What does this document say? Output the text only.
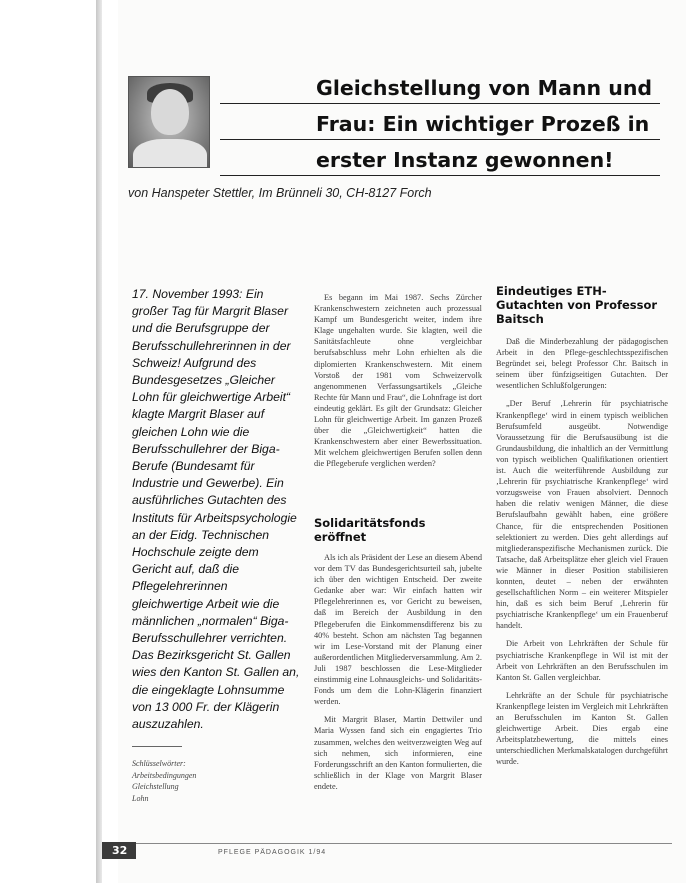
Gleichstellung von Mann und
Frau: Ein wichtiger Prozeß in
erster Instanz gewonnen!
von Hanspeter Stettler, Im Brünneli 30, CH-8127 Forch
17. November 1993: Ein großer Tag für Margrit Blaser und die Berufsgruppe der Berufsschullehrerinnen in der Schweiz! Aufgrund des Bundesgesetzes „Gleicher Lohn für gleichwertige Arbeit“ klagte Margrit Blaser auf gleichen Lohn wie die Berufsschullehrer der Biga-Berufe (Bundesamt für Industrie und Gewerbe). Ein ausführliches Gutachten des Instituts für Arbeitspsychologie an der Eidg. Technischen Hochschule zeigte dem Gericht auf, daß die Pflegelehrerinnen gleichwertige Arbeit wie die männlichen „normalen“ Biga-Berufsschullehrer verrichten. Das Bezirksgericht St. Gallen wies den Kanton St. Gallen an, die eingeklagte Lohnsumme von 13 000 Fr. der Klägerin auszuzahlen.

Es begann im Mai 1987. Sechs Zürcher Krankenschwestern zeichneten auch prozessual Kampf um Bundesgericht weiter, indem ihre Klage ungehalten wurde. Sie klagten, weil die Sanitätsfachleute ohne vergleichbar berufsabschluss mehr Lohn erhielten als die diplomierten Krankenschwestern. Mit einem Vorstoß der 1981 vom Schweizervolk angenommenen Verfassungsartikels „Gleiche Rechte für Mann und Frau“, die Lohnfrage ist dort eindeutig geklärt. Es gilt der Grundsatz: Gleicher Lohn für gleichwertige Arbeit. Im ganzen Prozeß über die „Gleichwertigkeit“ hatten die Krankenschwestern aber einer Bewerbssituation. Mit welchem gleichwertigen Berufen sollen denn die Pflegeberufe verglichen werden?

Solidaritätsfonds eröffnet

Als ich als Präsident der Lese an diesem Abend vor dem TV das Bundesgerichtsurteil sah, jubelte ich über den wichtigen Entscheid. Der zweite Gedanke aber war: Wir einfach hatten wir Pflegelehrerinnen es, vor Gericht zu beweisen, daß im Bereich der Ausbildung in den Pflegeberufen die Einkommensdifferenz bis zu 40% besteht. Schon am nächsten Tag begannen wir im Lese-Vorstand mit der Planung einer außerordentlichen Mitgliederversammlung. Am 2. Juli 1987 beschlossen die Lese-Mitglieder einstimmig eine Lohnausgleichs- und Solidaritäts-Fonds um dem die Lohn-Klägerin finanziert werden.

Mit Margrit Blaser, Martin Dettwiler und Maria Wyssen fand sich ein engagiertes Trio zusammen, welches den weitverzweigten Weg auf sich nehmen, sich informieren, eine Forderungsschrift an den Kanton formulierten, die schließlich in der Klage von Margrit Blaser endete.

Eindeutiges ETH-Gutachten von Professor Baitsch

Daß die Minderbezahlung der pädagogischen Arbeit in den Pflege-geschlechtsspezifischen Begründet sei, belegt Professor Chr. Baitsch in seinem über fünfzigseitigen Gutachten. Der wesentlichen Schlußfolgerungen:

„Der Beruf ‚Lehrerin für psychiatrische Krankenpflege‘ wird in einem typisch weiblichen Berufsumfeld ausgeübt. Notwendige Voraussetzung für die Berufsausübung ist die Grundausbildung, die inhaltlich an der Vermittlung von typisch weiblichen Qualifikationen orientiert ist. Auch die weiterführende Ausbildung zur ‚Lehrerin für psychiatrische Krankenpflege‘ wird vorzugsweise von Frauen absolviert. Dennoch haben die relativ wenigen Männer, die diese Berufslaufbahn gewählt haben, eine größere Chance, für die entsprechenden Positionen selektioniert zu werden. Dies geht allerdings auf mitgliederanspezifische Mechanismen zurück. Die Tatsache, daß Arbeitsplätze eher gleich viel Frauen wie Männer in dieser Position stabilisieren konnten, deutet – neben der erwähnten gesellschaftlichen Norm – ein weiterer Mitspieler hin, daß es sich beim Beruf ‚Lehrerin für psychiatrische Krankenpflege‘ um ein Frauenberuf handelt.

Die Arbeit von Lehrkräften der Schule für psychiatrische Krankenpflege in Wil ist mit der Arbeit von Lehrkräften an den Berufsschulen im Kanton St. Gallen vergleichbar.

Lehrkräfte an der Schule für psychiatrische Krankenpflege leisten im Vergleich mit Lehrkräften an Berufsschulen im Kanton St. Gallen gleichwertige Arbeit. Dies ergab eine Arbeitsplatzbewertung, die mittels eines unterschiedlichen Merkmalskatalogen durchgeführt wurde.

Schlüsselwörter:
Arbeitsbedingungen
Gleichstellung
Lohn
32	PFLEGE PÄDAGOGIK 1/94
